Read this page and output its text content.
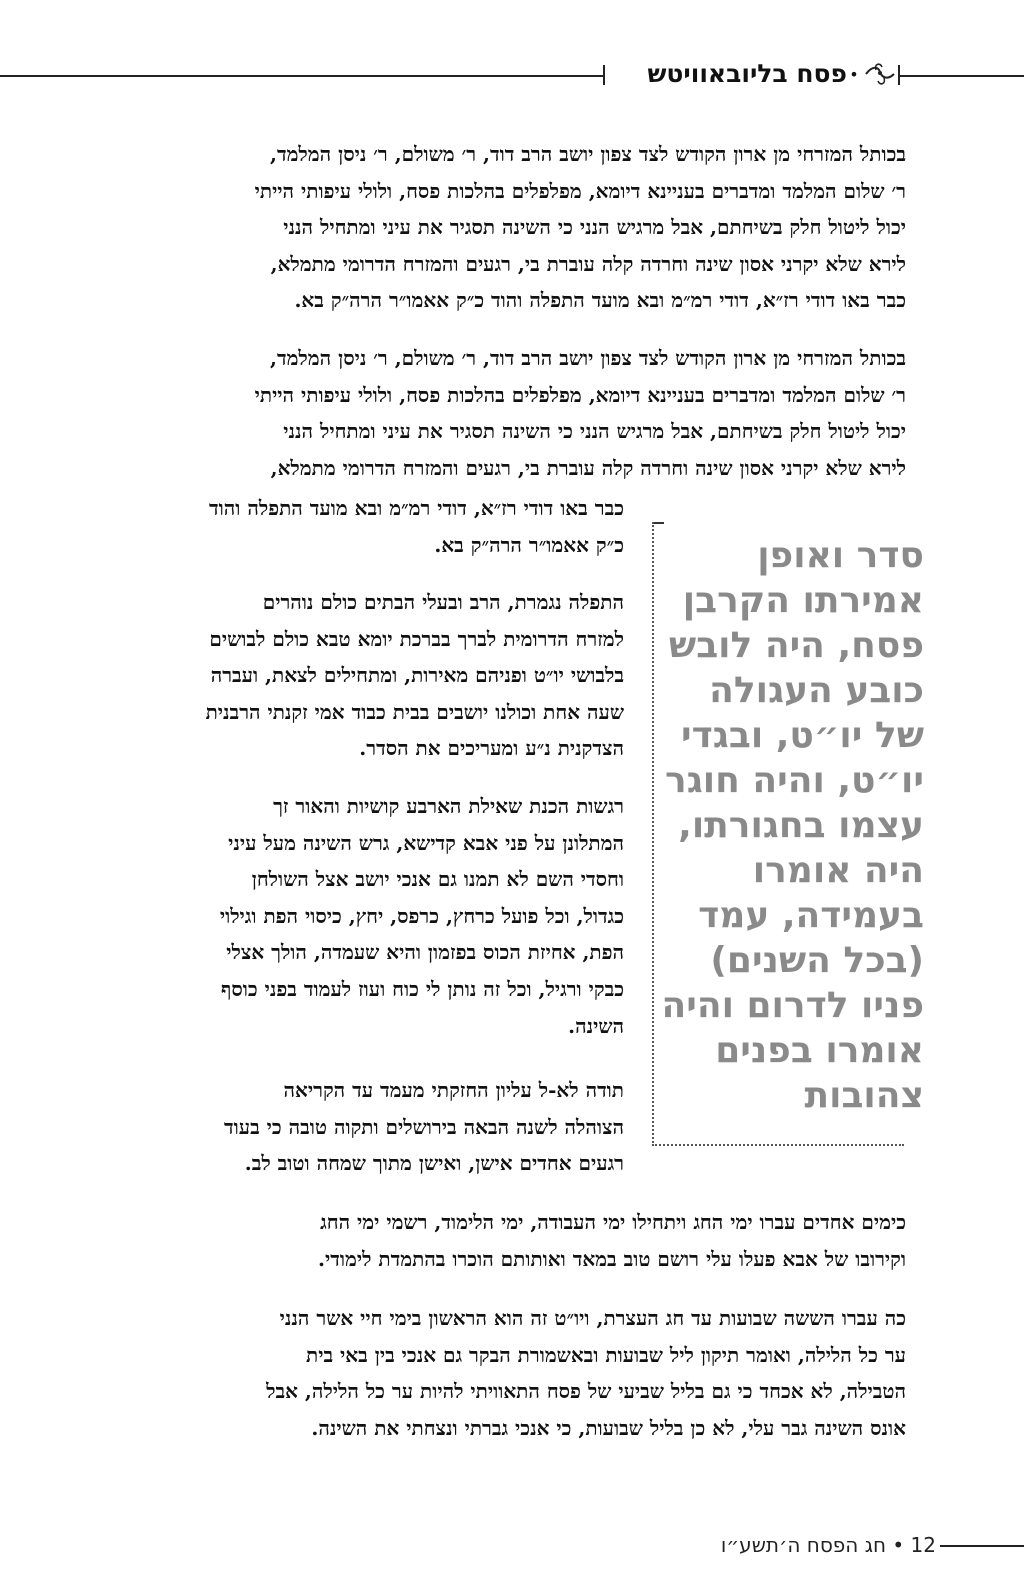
פסח בליובאוויטש •
בכותל המזרחי מן ארון הקודש לצד צפון יושב הרב דוד, ר׳ משולם, ר׳ ניסן המלמד,
ר׳ שלום המלמד ומדברים בעניינא דיומא, מפלפלים בהלכות פסח, ולולי עיפותי הייתי
יכול ליטול חלק בשיחתם, אבל מרגיש הנני כי השינה תסגיר את עיני ומתחיל הנני
לירא שלא יקרני אסון שינה וחרדה קלה עוברת בי, רגעים והמזרח הדרומי מתמלא,
כבר באו דודי רז״א, דודי רמ״מ ובא מועד התפלה והוד כ״ק אאמו״ר הרה״ק בא.
בכותל המזרחי מן ארון הקודש לצד צפון יושב הרב דוד, ר׳ משולם, ר׳ ניסן המלמד,
ר׳ שלום המלמד ומדברים בעניינא דיומא, מפלפלים בהלכות פסח, ולולי עיפותי הייתי
יכול ליטול חלק בשיחתם, אבל מרגיש הנני כי השינה תסגיר את עיני ומתחיל הנני
לירא שלא יקרני אסון שינה וחרדה קלה עוברת בי, רגעים והמזרח הדרומי מתמלא,
כבר באו דודי רז״א, דודי רמ״מ ובא מועד התפלה והוד
כ״ק אאמו״ר הרה״ק בא.
התפלה נגמרת, הרב ובעלי הבתים כולם נוהרים
למזרח הדרומית לברך בברכת יומא טבא כולם לבושים
בלבושי יו״ט ופניהם מאירות, ומתחילים לצאת, ועברה
שעה אחת וכולנו יושבים בבית כבוד אמי זקנתי הרבנית
הצדקנית נ״ע ומעריכים את הסדר.
רגשות הכנת שאילת הארבע קושיות והאור זך
המתלונן על פני אבא קדישא, גרש השינה מעל עיני
וחסדי השם לא תמנו גם אנכי יושב אצל השולחן
כגדול, וכל פועל כרחץ, כרפס, יחץ, כיסוי הפת וגילוי
הפת, אחיזת הכוס בפזמון והיא שעמדה, הולך אצלי
כבקי ורגיל, וכל זה נותן לי כוח ועוז לעמוד בפני כוסף
השינה.
תודה לא-ל עליון החזקתי מעמד עד הקריאה
הצוהלה לשנה הבאה בירושלים ותקוה טובה כי בעוד
רגעים אחדים אישן, ואישן מתוך שמחה וטוב לב.
סדר ואופן
אמירתו הקרבן
פסח, היה לובש
כובע העגולה
של יו״ט, ובגדי
יו״ט, והיה חוגר
עצמו בחגורתו,
היה אומרו
בעמידה, עמד
(בכל השנים)
פניו לדרום והיה
אומרו בפנים
צהובות
כימים אחדים עברו ימי החג ויתחילו ימי העבודה, ימי הלימוד, רשמי ימי החג
וקירובו של אבא פעלו עלי רושם טוב במאד ואותותם הוכרו בהתמדת לימודי.
כה עברו הששה שבועות עד חג העצרת, ויו״ט זה הוא הראשון בימי חיי אשר הנני
ער כל הלילה, ואומר תיקון ליל שבועות ובאשמורת הבקר גם אנכי בין באי בית
הטבילה, לא אכחד כי גם בליל שביעי של פסח התאוויתי להיות ער כל הלילה, אבל
אונס השינה גבר עלי, לא כן בליל שבועות, כי אנכי גברתי ונצחתי את השינה.
12 • חג הפסח ה׳תשע״ו
